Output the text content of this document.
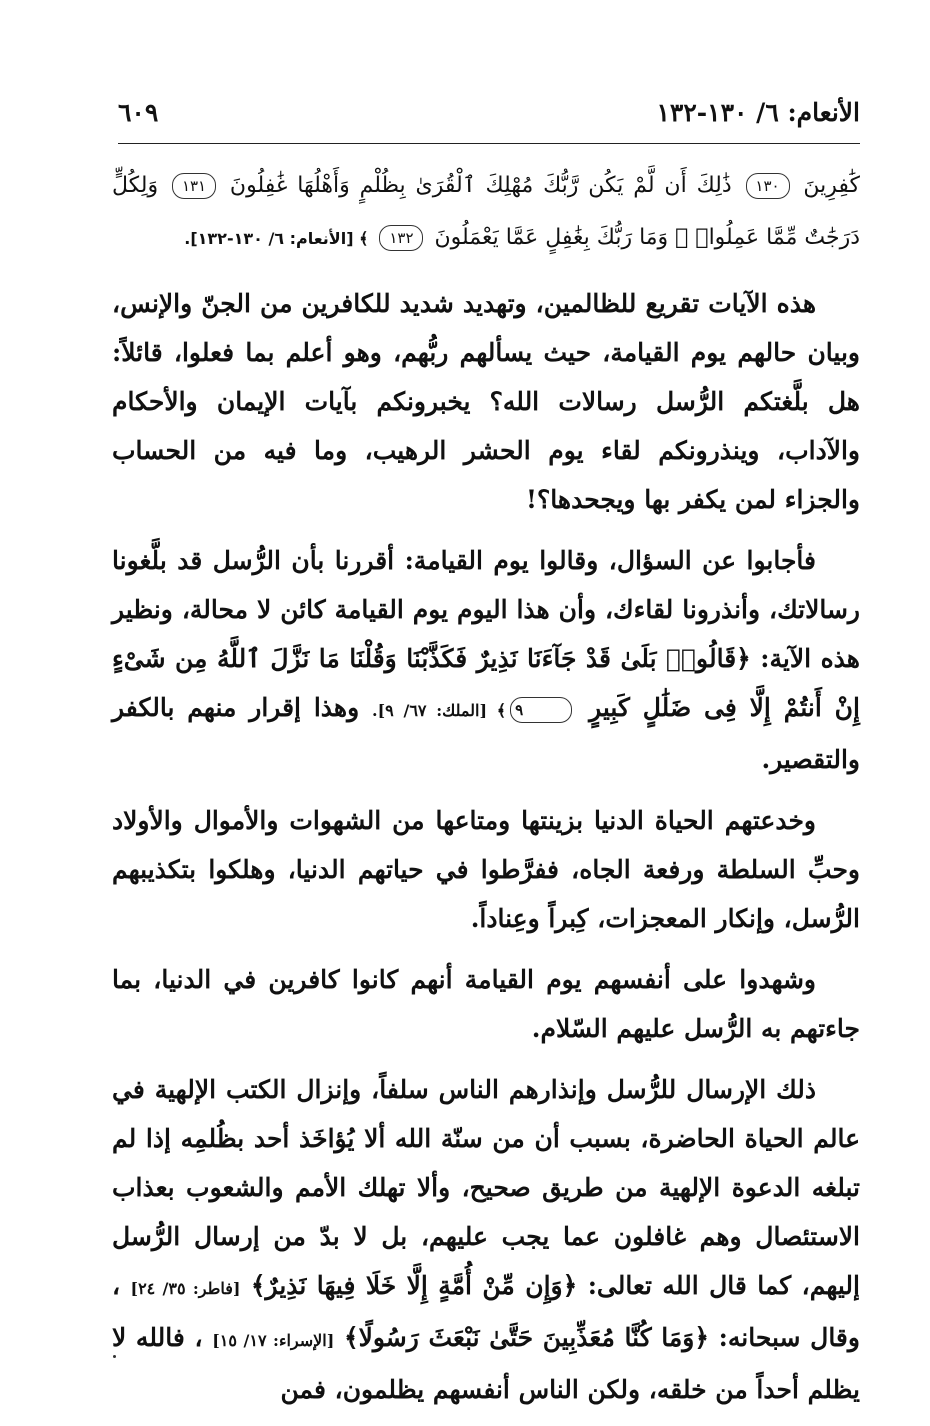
الأنعام: ٦/ ١٣٠-١٣٢
٦٠٩
كَٰفِرِينَ ١٣٠ ذَٰلِكَ أَن لَّمْ يَكُن رَّبُّكَ مُهْلِكَ ٱلْقُرَىٰ بِظُلْمٍ وَأَهْلُهَا غَٰفِلُونَ ١٣١ وَلِكُلٍّ دَرَجَٰتٌ مِّمَّا عَمِلُوا۟ ۚ وَمَا رَبُّكَ بِغَٰفِلٍ عَمَّا يَعْمَلُونَ ١٣٢ ﴾ [الأنعام: ٦/ ١٣٠-١٣٢].

هذه الآيات تقريع للظالمين، وتهديد شديد للكافرين من الجنّ والإنس، وبيان حالهم يوم القيامة، حيث يسألهم ربُّهم، وهو أعلم بما فعلوا، قائلاً: هل بلَّغتكم الرُّسل رسالات الله؟ يخبرونكم بآيات الإيمان والأحكام والآداب، وينذرونكم لقاء يوم الحشر الرهيب، وما فيه من الحساب والجزاء لمن يكفر بها ويجحدها؟!

فأجابوا عن السؤال، وقالوا يوم القيامة: أقررنا بأن الرُّسل قد بلَّغونا رسالاتك، وأنذرونا لقاءك، وأن هذا اليوم يوم القيامة كائن لا محالة، ونظير هذه الآية: ﴿قَالُوا۟ بَلَىٰ قَدْ جَآءَنَا نَذِيرٌ فَكَذَّبْنَا وَقُلْنَا مَا نَزَّلَ ٱللَّهُ مِن شَىْءٍ إِنْ أَنتُمْ إِلَّا فِى ضَلَٰلٍ كَبِيرٍ ٩﴾ [الملك: ٦٧/ ٩]. وهذا إقرار منهم بالكفر والتقصير.

وخدعتهم الحياة الدنيا بزينتها ومتاعها من الشهوات والأموال والأولاد وحبِّ السلطة ورفعة الجاه، ففرَّطوا في حياتهم الدنيا، وهلكوا بتكذيبهم الرُّسل، وإنكار المعجزات، كِبراً وعِناداً.

وشهدوا على أنفسهم يوم القيامة أنهم كانوا كافرين في الدنيا، بما جاءتهم به الرُّسل عليهم السّلام.

ذلك الإرسال للرُّسل وإنذارهم الناس سلفاً، وإنزال الكتب الإلهية في عالم الحياة الحاضرة، بسبب أن من سنّة الله ألا يُؤاخَذ أحد بظُلمِه إذا لم تبلغه الدعوة الإلهية من طريق صحيح، وألا تهلك الأمم والشعوب بعذاب الاستئصال وهم غافلون عما يجب عليهم، بل لا بدّ من إرسال الرُّسل إليهم، كما قال الله تعالى: ﴿وَإِن مِّنْ أُمَّةٍ إِلَّا خَلَا فِيهَا نَذِيرٌ﴾ [فاطر: ٣٥/ ٢٤] ، وقال سبحانه: ﴿وَمَا كُنَّا مُعَذِّبِينَ حَتَّىٰ نَبْعَثَ رَسُولًا﴾ [الإسراء: ١٧/ ١٥] ، فالله لا يظلم أحداً من خلقه، ولكن الناس أنفسهم يظلمون، فمن
